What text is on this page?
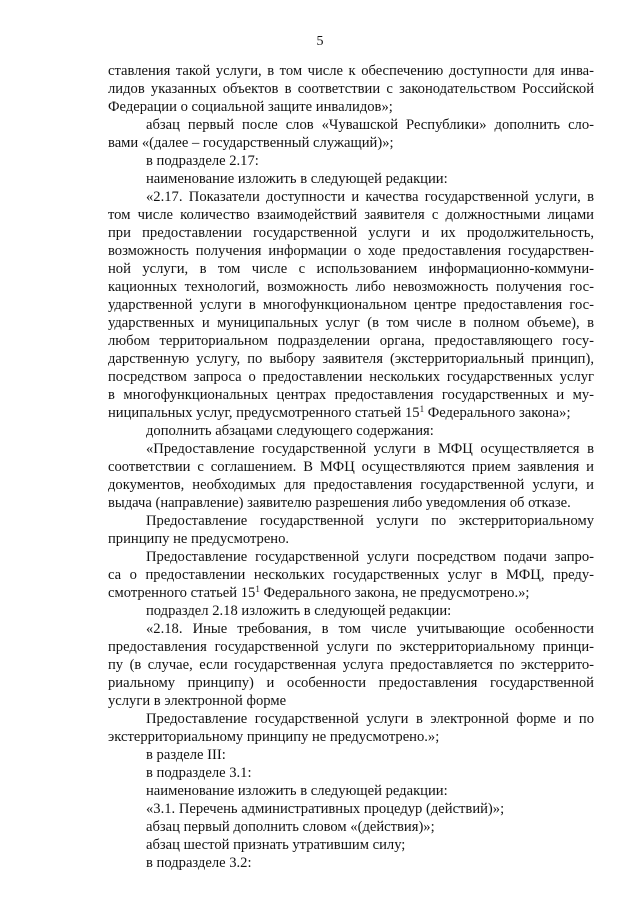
5
ставления такой услуги, в том числе к обеспечению доступности для инва-
лидов указанных объектов в соответствии с законодательством Российской
Федерации о социальной защите инвалидов»;
абзац первый после слов «Чувашской Республики» дополнить сло-
вами «(далее – государственный служащий)»;
в подразделе 2.17:
наименование изложить в следующей редакции:
«2.17. Показатели доступности и качества государственной услуги, в
том числе количество взаимодействий заявителя с должностными лицами
при предоставлении государственной услуги и их продолжительность,
возможность получения информации о ходе предоставления государствен-
ной услуги, в том числе с использованием информационно-коммуни-
кационных технологий, возможность либо невозможность получения гос-
ударственной услуги в многофункциональном центре предоставления гос-
ударственных и муниципальных услуг (в том числе в полном объеме), в
любом территориальном подразделении органа, предоставляющего госу-
дарственную услугу, по выбору заявителя (экстерриториальный принцип),
посредством запроса о предоставлении нескольких государственных услуг
в многофункциональных центрах предоставления государственных и му-
ниципальных услуг, предусмотренного статьей $15^1$ Федерального закона»;
дополнить абзацами следующего содержания:
«Предоставление государственной услуги в МФЦ осуществляется в
соответствии с соглашением. В МФЦ осуществляются прием заявления и
документов, необходимых для предоставления государственной услуги, и
выдача (направление) заявителю разрешения либо уведомления об отказе.
Предоставление государственной услуги по экстерриториальному
принципу не предусмотрено.
Предоставление государственной услуги посредством подачи запро-
са о предоставлении нескольких государственных услуг в МФЦ, преду-
смотренного статьей $15^1$ Федерального закона, не предусмотрено.»;
подраздел 2.18 изложить в следующей редакции:
«2.18. Иные требования, в том числе учитывающие особенности
предоставления государственной услуги по экстерриториальному принци-
пу (в случае, если государственная услуга предоставляется по экстеррито-
риальному принципу) и особенности предоставления государственной
услуги в электронной форме
Предоставление государственной услуги в электронной форме и по
экстерриториальному принципу не предусмотрено.»;
в разделе III:
в подразделе 3.1:
наименование изложить в следующей редакции:
«3.1. Перечень административных процедур (действий)»;
абзац первый дополнить словом «(действия)»;
абзац шестой признать утратившим силу;
в подразделе 3.2:
